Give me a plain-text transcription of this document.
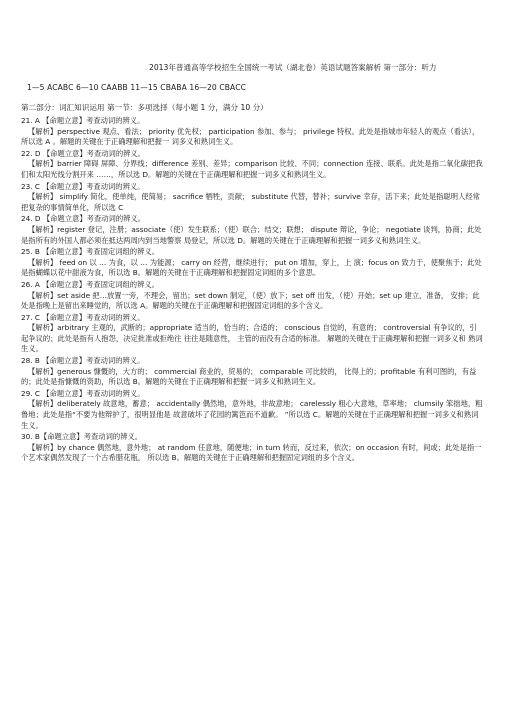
2013年普通高等学校招生全国统一考试（湖北卷）英语试题答案解析 第一部分：听力

1—5 ACABC 6—10 CAABB 11—15 CBABA 16—20 CBACC

第二部分：词汇知识运用 第一节：多项选择（每小题 1 分，满分 10 分）

21. A 【命题立意】考查动词的辨义。

【解析】perspective 观点、看法； priority 优先权； participation 参加、参与； privilege 特权。此处是指城市年轻人的观点（看法），所以选 A 。解题的关键在于正确理解和把握一 词多义和熟词生义。

22. D 【命题立意】考查动词的辨义。

【解析】barrier 障碍 屏障、分界线；difference 差别、差异；comparison 比较、不同；connection 连接、联系。此处是指二氧化碳把我们和太阳光线分割开来 ……，所以选 D。解题的关键在于正确理解和把握一词多义和熟词生义。

23. C 【命题立意】考查动词的辨义。

【解析】 simplify 简化，使单纯，使简易； sacrifice 牺牲，贡献； substitute 代替，替补；survive 幸存，活下来；此处是指聪明人经常把复杂的事情简单化，所以选 C

24. D 【命题立意】考查动词的辨义。

【解析】register 登记，注册；associate（使）发生联系；（使）联合；结交；联想； dispute 辩论，争论； negotiate 谈判，协商；此处是指所有的外国人都必须在抵达两周内到当地警察 局登记，所以选 D。解题的关键在于正确理解和把握一词多义和熟词生义。

25. B 【命题立意】考查固定词组的辨义。

【解析】 feed on 以 … 为食，以 … 为能源； carry on 经营，继续进行； put on 增加，穿上，上 演；focus on 致力于，使聚焦于；此处是指蝴蝶以花中甜液为食，所以选 B。解题的关键在于正确理解和把握固定词组的多个意思。

26. A 【命题立意】考查固定词组的辨义。

【解析】set aside 把…放置一旁，不理会，留出；set down 制定，（使）放下；set off 出发，（使）开始；set up 建立，准备， 安排；此处是指晚上是留出来睡觉的，所以选 A。解题的关键在于正确理解和把握固定词组的多个含义。

27. C 【命题立意】考查动词的辨义。

【解析】arbitrary 主观的，武断的；appropriate 适当的，恰当的；合适的； conscious 自觉的，有意的； controversial 有争议的，引起争议的；此处是指有人抱怨，决定批准或拒绝往 往往是随意性， 主管的而没有合适的标准。 解题的关键在于正确理解和把握一词多义和 熟词生义。

28. B 【命题立意】考查动词的辨义。

【解析】generous 慷慨的，大方的； commercial 商业的，贸易的； comparable 可比较的， 比得上的；profitable 有利可图的，有益的；此处是指慷慨的资助，所以选 B。解题的关键在于正确理解和把握一词多义和熟词生义。

29. C 【命题立意】考查动词的辨义。

【解析】deliberately 故意地，蓄意； accidentally 偶然地，意外地，非故意地； carelessly 粗心大意地，草率地； clumsily 笨拙地，粗鲁地；此处是指“不要为他辩护了，很明显他是 故意破坏了花园的篱笆而不道歉。 ”所以选 C。解题的关键在于正确理解和把握一词多义和熟词生义。

30. B【命题立意】考查动词的辨义。

【解析】by chance 偶然地，意外地； at random 任意地，随便地；in turn 转而，反过来，依次；on occasion 有时，间或；此处是指一个艺术家偶然发现了一个古希腊花瓶， 所以选 B。解题的关键在于正确理解和把握固定词组的多个含义。
